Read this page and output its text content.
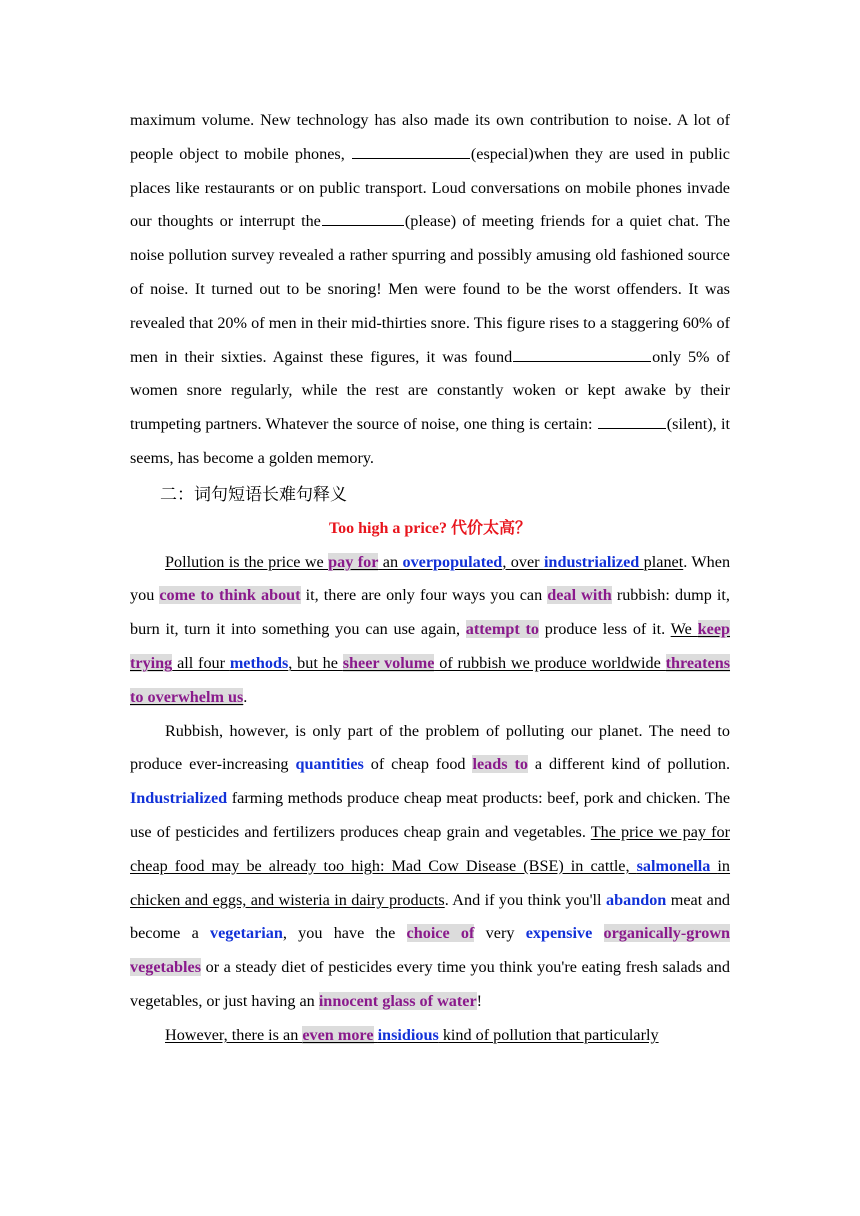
maximum volume. New technology has also made its own contribution to noise. A lot of people object to mobile phones,	(especial)when they are used in public places like restaurants or on public transport. Loud conversations on mobile phones invade our thoughts or interrupt the	(please) of meeting friends for a quiet chat. The noise pollution survey revealed a rather spurring and possibly amusing old fashioned source of noise. It turned out to be snoring! Men were found to be the worst offenders. It was revealed that 20% of men in their mid-thirties snore. This figure rises to a staggering 60% of men in their sixties. Against these figures, it was found	only 5% of women snore regularly, while the rest are constantly woken or kept awake by their trumpeting partners. Whatever the source of noise, one thing is certain:	(silent), it seems, has become a golden memory.

二：词句短语长难句释义

Too high a price? 代价太高？

Pollution is the price we pay for an overpopulated, over industrialized planet. When you come to think about it, there are only four ways you can deal with rubbish: dump it, burn it, turn it into something you can use again, attempt to produce less of it. We keep trying all four methods, but he sheer volume of rubbish we produce worldwide threatens to overwhelm us.

Rubbish, however, is only part of the problem of polluting our planet. The need to produce ever-increasing quantities of cheap food leads to a different kind of pollution. Industrialized farming methods produce cheap meat products: beef, pork and chicken. The use of pesticides and fertilizers produces cheap grain and vegetables. The price we pay for cheap food may be already too high: Mad Cow Disease (BSE) in cattle, salmonella in chicken and eggs, and wisteria in dairy products. And if you think you'll abandon meat and become a vegetarian, you have the choice of very expensive organically-grown vegetables or a steady diet of pesticides every time you think you're eating fresh salads and vegetables, or just having an innocent glass of water!

However, there is an even more insidious kind of pollution that particularly
